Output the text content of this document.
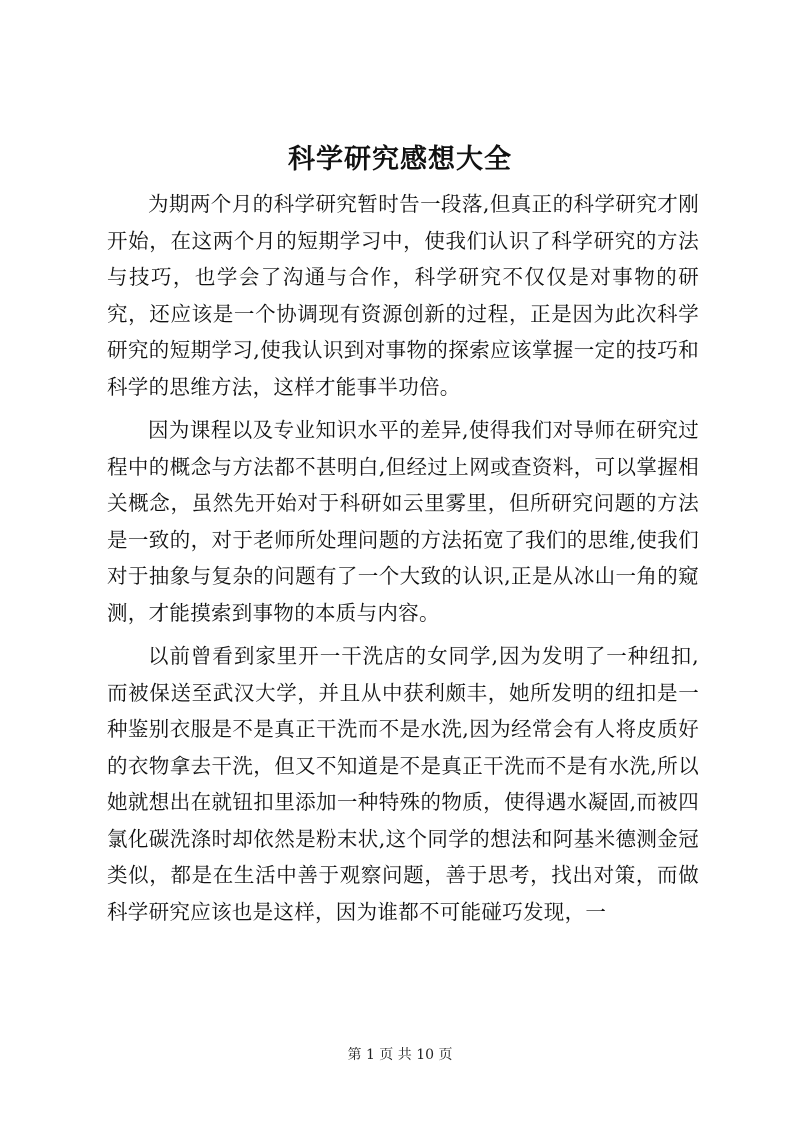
科学研究感想大全

为期两个月的科学研究暂时告一段落,但真正的科学研究才刚开始，在这两个月的短期学习中，使我们认识了科学研究的方法与技巧，也学会了沟通与合作，科学研究不仅仅是对事物的研究，还应该是一个协调现有资源创新的过程，正是因为此次科学研究的短期学习,使我认识到对事物的探索应该掌握一定的技巧和科学的思维方法，这样才能事半功倍。

因为课程以及专业知识水平的差异,使得我们对导师在研究过程中的概念与方法都不甚明白,但经过上网或查资料，可以掌握相关概念，虽然先开始对于科研如云里雾里，但所研究问题的方法是一致的，对于老师所处理问题的方法拓宽了我们的思维,使我们对于抽象与复杂的问题有了一个大致的认识,正是从冰山一角的窥测，才能摸索到事物的本质与内容。

以前曾看到家里开一干洗店的女同学,因为发明了一种纽扣,而被保送至武汉大学，并且从中获利颇丰，她所发明的纽扣是一种鉴别衣服是不是真正干洗而不是水洗,因为经常会有人将皮质好的衣物拿去干洗，但又不知道是不是真正干洗而不是有水洗,所以她就想出在就钮扣里添加一种特殊的物质，使得遇水凝固,而被四氯化碳洗涤时却依然是粉末状,这个同学的想法和阿基米德测金冠类似，都是在生活中善于观察问题，善于思考，找出对策，而做科学研究应该也是这样，因为谁都不可能碰巧发现，一

第 1 页 共 10 页
